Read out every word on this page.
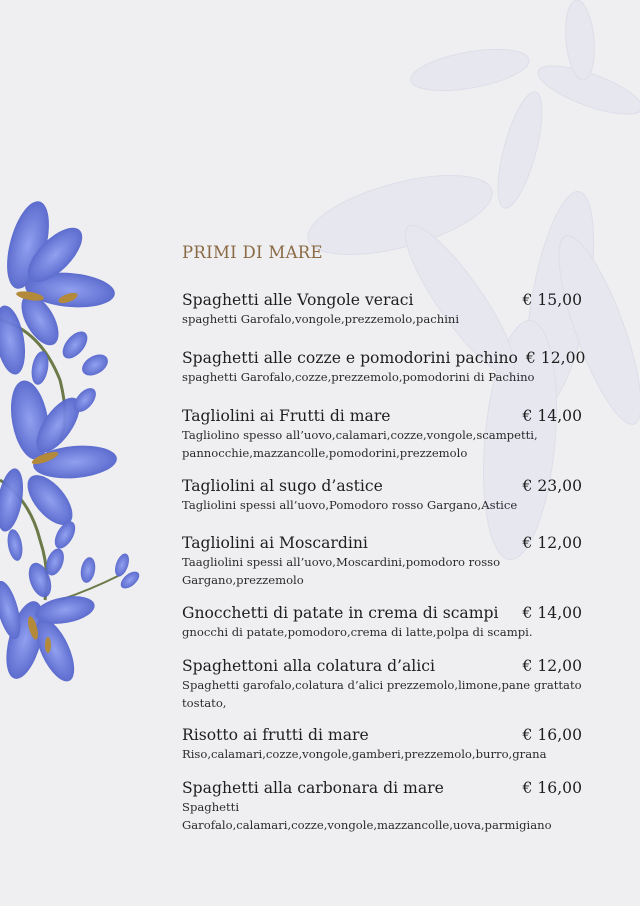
PRIMI DI MARE
Spaghetti alle Vongole veraci	€ 15,00
spaghetti Garofalo,vongole,prezzemolo,pachini
Spaghetti alle cozze e pomodorini pachino € 12,00
spaghetti Garofalo,cozze,prezzemolo,pomodorini di Pachino
Tagliolini ai Frutti di mare	€ 14,00
Tagliolino spesso all’uovo,calamari,cozze,vongole,scampetti, pannocchie,mazzancolle,pomodorini,prezzemolo
Tagliolini al sugo d’astice	€ 23,00
Tagliolini spessi all’uovo,Pomodoro rosso Gargano,Astice
Tagliolini ai Moscardini	€ 12,00
Taagliolini spessi all’uovo,Moscardini,pomodoro rosso Gargano,prezzemolo
Gnocchetti di patate in crema di scampi	€ 14,00
gnocchi di patate,pomodoro,crema di latte,polpa di scampi.
Spaghettoni alla colatura d’alici	€ 12,00
Spaghetti garofalo,colatura d’alici prezzemolo,limone,pane grattato tostato,
Risotto ai frutti di mare	€ 16,00
Riso,calamari,cozze,vongole,gamberi,prezzemolo,burro,grana
Spaghetti alla carbonara di mare	€ 16,00
Spaghetti Garofalo,calamari,cozze,vongole,mazzancolle,uova,parmigiano
